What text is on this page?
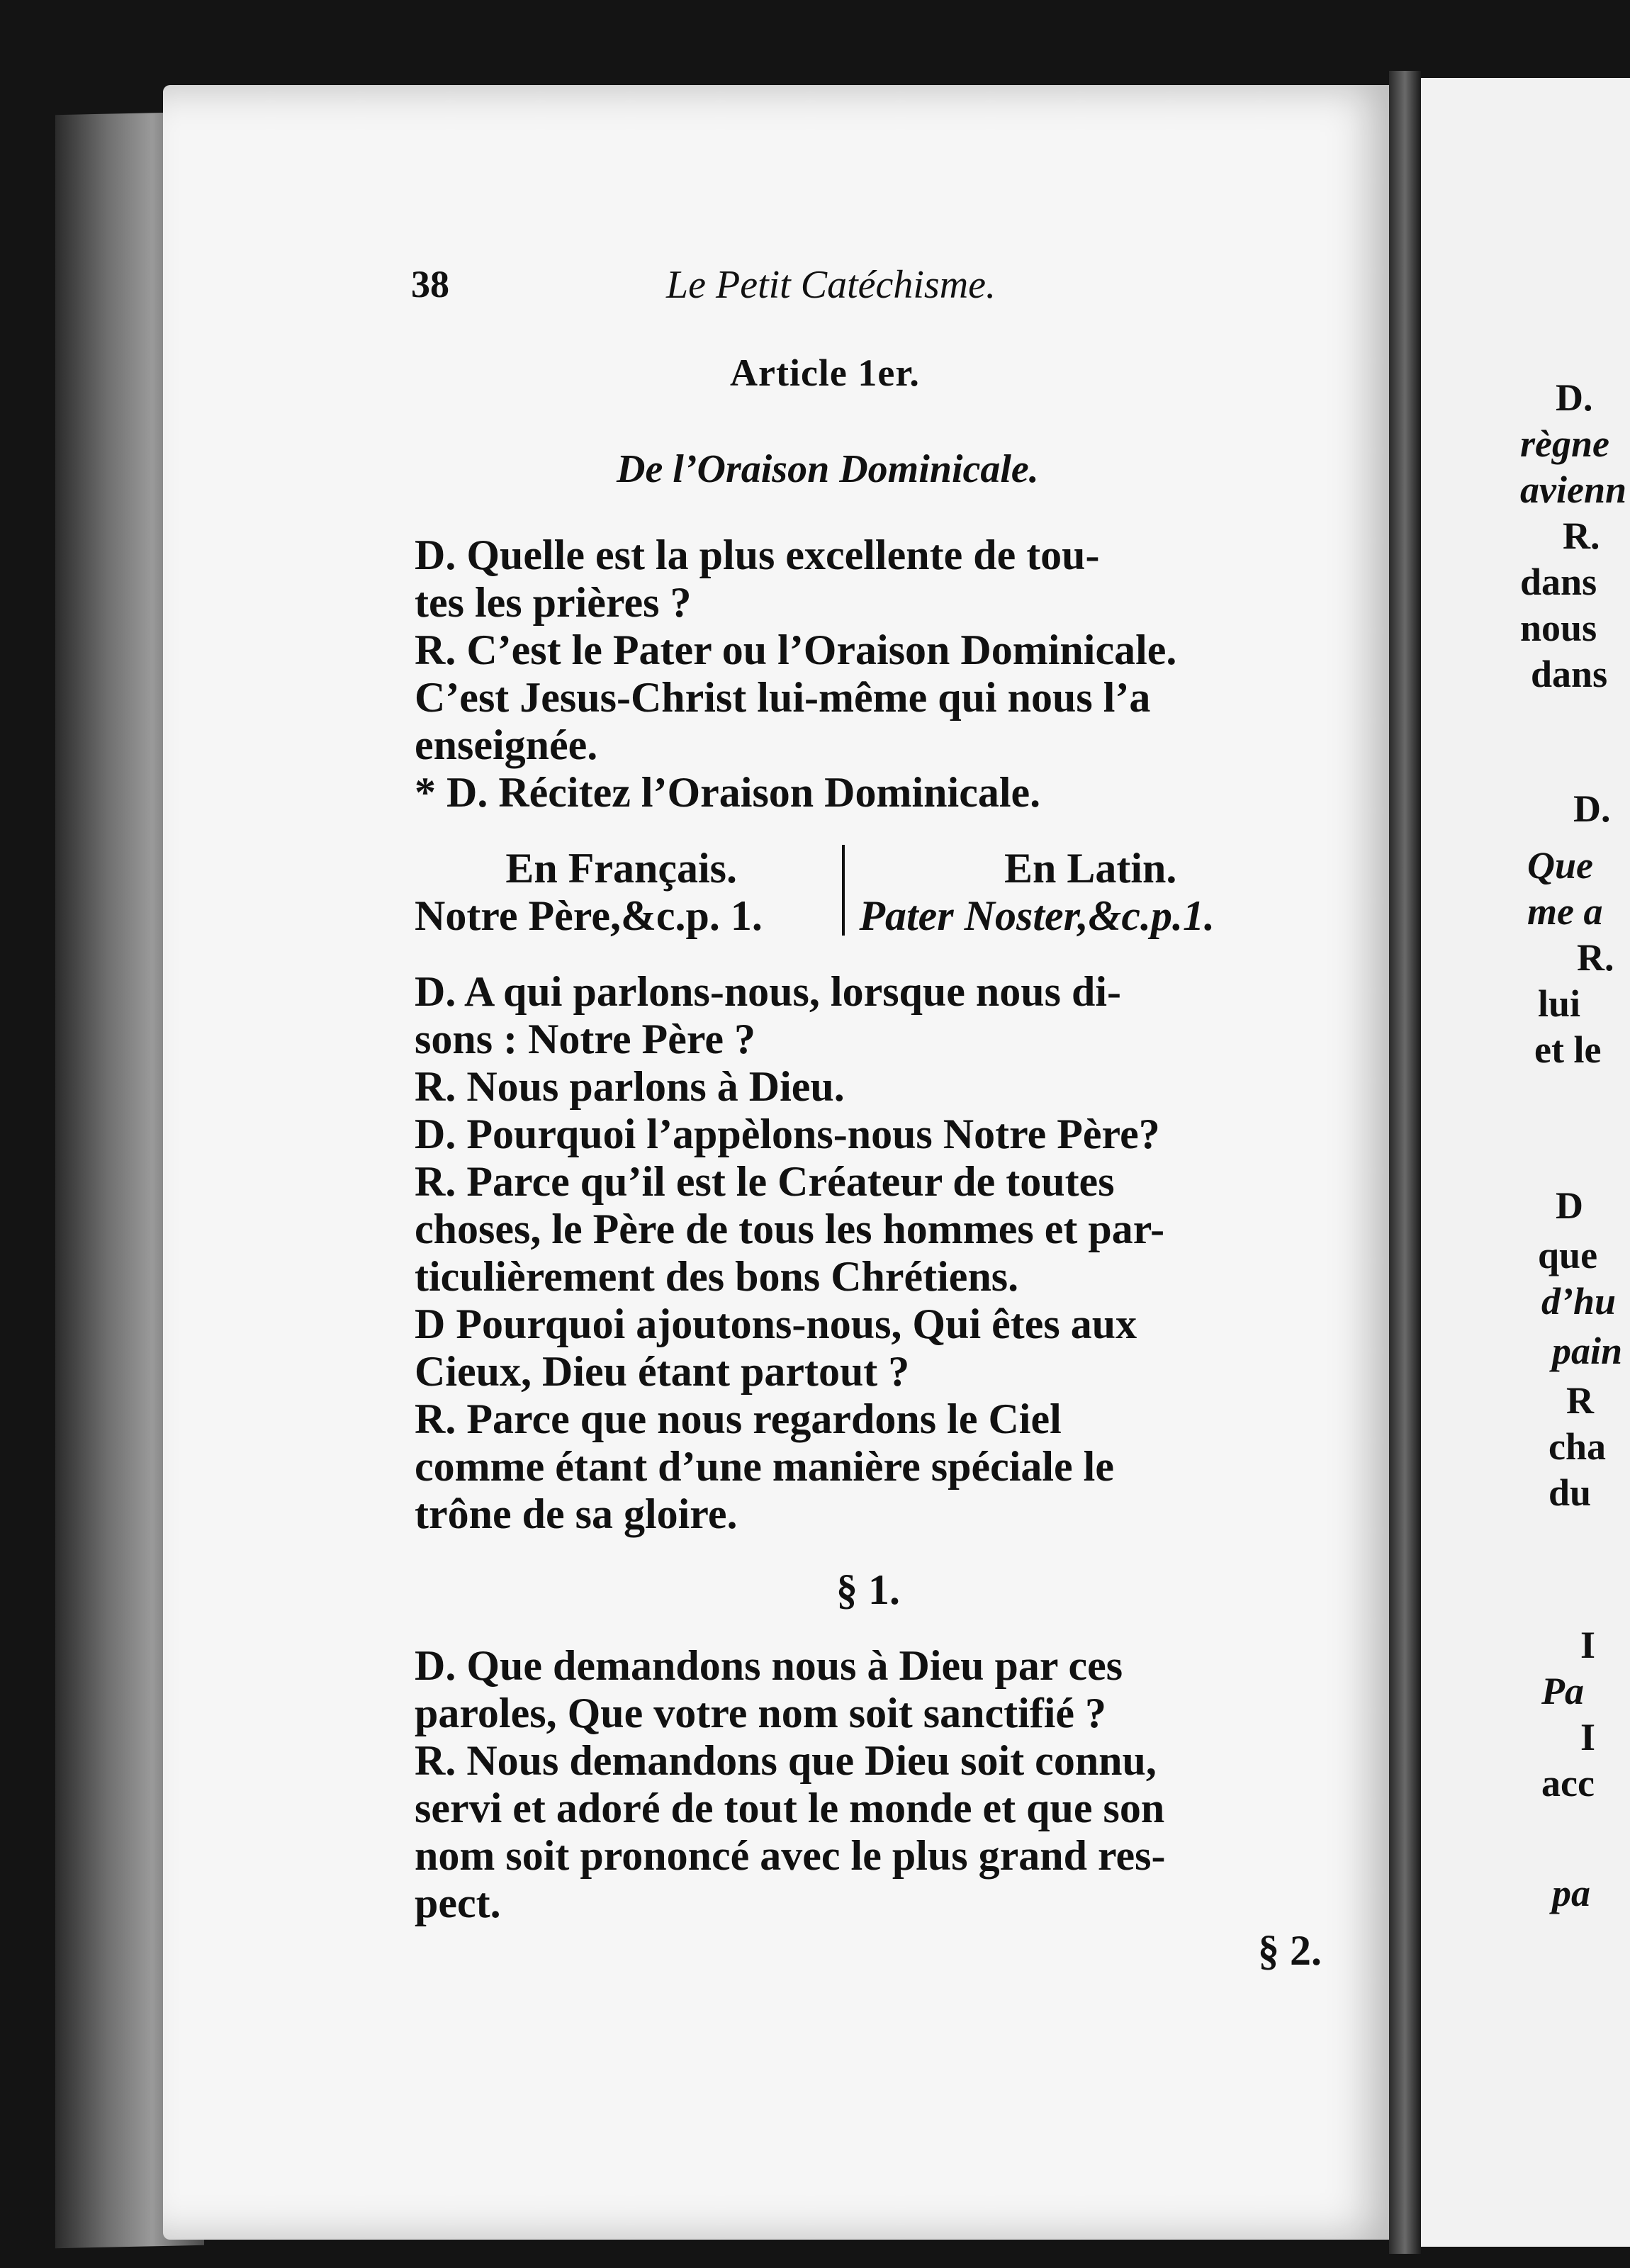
D.
règne
avienn
R.
dans
nous
dans
D.
Que
me a
R.
lui
et le
D
que
d’hu
pain
R
cha
du
I
Pa
I
acc
pa
38	Le Petit Catéchisme.
Article 1er.
De l’Oraison Dominicale.
D. Quelle est la plus excellente de tou-
tes les prières ?
R. C’est le Pater ou l’Oraison Dominicale.
C’est Jesus-Christ lui-même qui nous l’a
enseignée.
* D. Récitez l’Oraison Dominicale.
En Français.
Notre Père,&c.p. 1.
En Latin.
Pater Noster,&c.p.1.
D. A qui parlons-nous, lorsque nous di-
sons : Notre Père ?
R. Nous parlons à Dieu.
D. Pourquoi l’appèlons-nous Notre Père?
R. Parce qu’il est le Créateur de toutes
choses, le Père de tous les hommes et par-
ticulièrement des bons Chrétiens.
D Pourquoi ajoutons-nous, Qui êtes aux
Cieux, Dieu étant partout ?
R. Parce que nous regardons le Ciel
comme étant d’une manière spéciale le
trône de sa gloire.
§ 1.
D. Que demandons nous à Dieu par ces
paroles, Que votre nom soit sanctifié ?
R. Nous demandons que Dieu soit connu,
servi et adoré de tout le monde et que son
nom soit prononcé avec le plus grand res-
pect.
§ 2.
